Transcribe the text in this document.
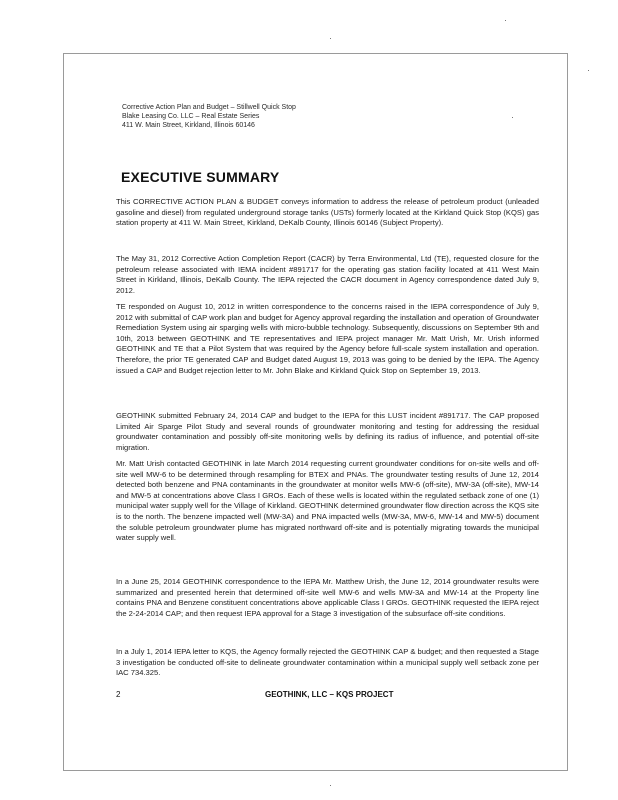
Corrective Action Plan and Budget – Stillwell Quick Stop
Blake Leasing Co. LLC – Real Estate Series
411 W. Main Street, Kirkland, Illinois 60146
EXECUTIVE SUMMARY

This CORRECTIVE ACTION PLAN & BUDGET conveys information to address the release of petroleum product (unleaded gasoline and diesel) from regulated underground storage tanks (USTs) formerly located at the Kirkland Quick Stop (KQS) gas station property at 411 W. Main Street, Kirkland, DeKalb County, Illinois 60146 (Subject Property).

The May 31, 2012 Corrective Action Completion Report (CACR) by Terra Environmental, Ltd (TE), requested closure for the petroleum release associated with IEMA incident #891717 for the operating gas station facility located at 411 West Main Street in Kirkland, Illinois, DeKalb County. The IEPA rejected the CACR document in Agency correspondence dated July 9, 2012.

TE responded on August 10, 2012 in written correspondence to the concerns raised in the IEPA correspondence of July 9, 2012 with submittal of CAP work plan and budget for Agency approval regarding the installation and operation of Groundwater Remediation System using air sparging wells with micro-bubble technology. Subsequently, discussions on September 9th and 10th, 2013 between GEOTHINK and TE representatives and IEPA project manager Mr. Matt Urish, Mr. Urish informed GEOTHINK and TE that a Pilot System that was required by the Agency before full-scale system installation and operation. Therefore, the prior TE generated CAP and Budget dated August 19, 2013 was going to be denied by the IEPA. The Agency issued a CAP and Budget rejection letter to Mr. John Blake and Kirkland Quick Stop on September 19, 2013.

GEOTHINK submitted February 24, 2014 CAP and budget to the IEPA for this LUST incident #891717. The CAP proposed Limited Air Sparge Pilot Study and several rounds of groundwater monitoring and testing for addressing the residual groundwater contamination and possibly off-site monitoring wells by defining its radius of influence, and potential off-site migration.

Mr. Matt Urish contacted GEOTHINK in late March 2014 requesting current groundwater conditions for on-site wells and off-site well MW-6 to be determined through resampling for BTEX and PNAs. The groundwater testing results of June 12, 2014 detected both benzene and PNA contaminants in the groundwater at monitor wells MW-6 (off-site), MW-3A (off-site), MW-14 and MW-5 at concentrations above Class I GROs. Each of these wells is located within the regulated setback zone of one (1) municipal water supply well for the Village of Kirkland. GEOTHINK determined groundwater flow direction across the KQS site is to the north. The benzene impacted well (MW-3A) and PNA impacted wells (MW-3A, MW-6, MW-14 and MW-5) document the soluble petroleum groundwater plume has migrated northward off-site and is potentially migrating towards the municipal water supply well.

In a June 25, 2014 GEOTHINK correspondence to the IEPA Mr. Matthew Urish, the June 12, 2014 groundwater results were summarized and presented herein that determined off-site well MW-6 and wells MW-3A and MW-14 at the Property line contains PNA and Benzene constituent concentrations above applicable Class I GROs. GEOTHINK requested the IEPA reject the 2-24-2014 CAP; and then request IEPA approval for a Stage 3 investigation of the subsurface off-site conditions.

In a July 1, 2014 IEPA letter to KQS, the Agency formally rejected the GEOTHINK CAP & budget; and then requested a Stage 3 investigation be conducted off-site to delineate groundwater contamination within a municipal supply well setback zone per IAC 734.325.

2	GEOTHINK, LLC – KQS PROJECT
